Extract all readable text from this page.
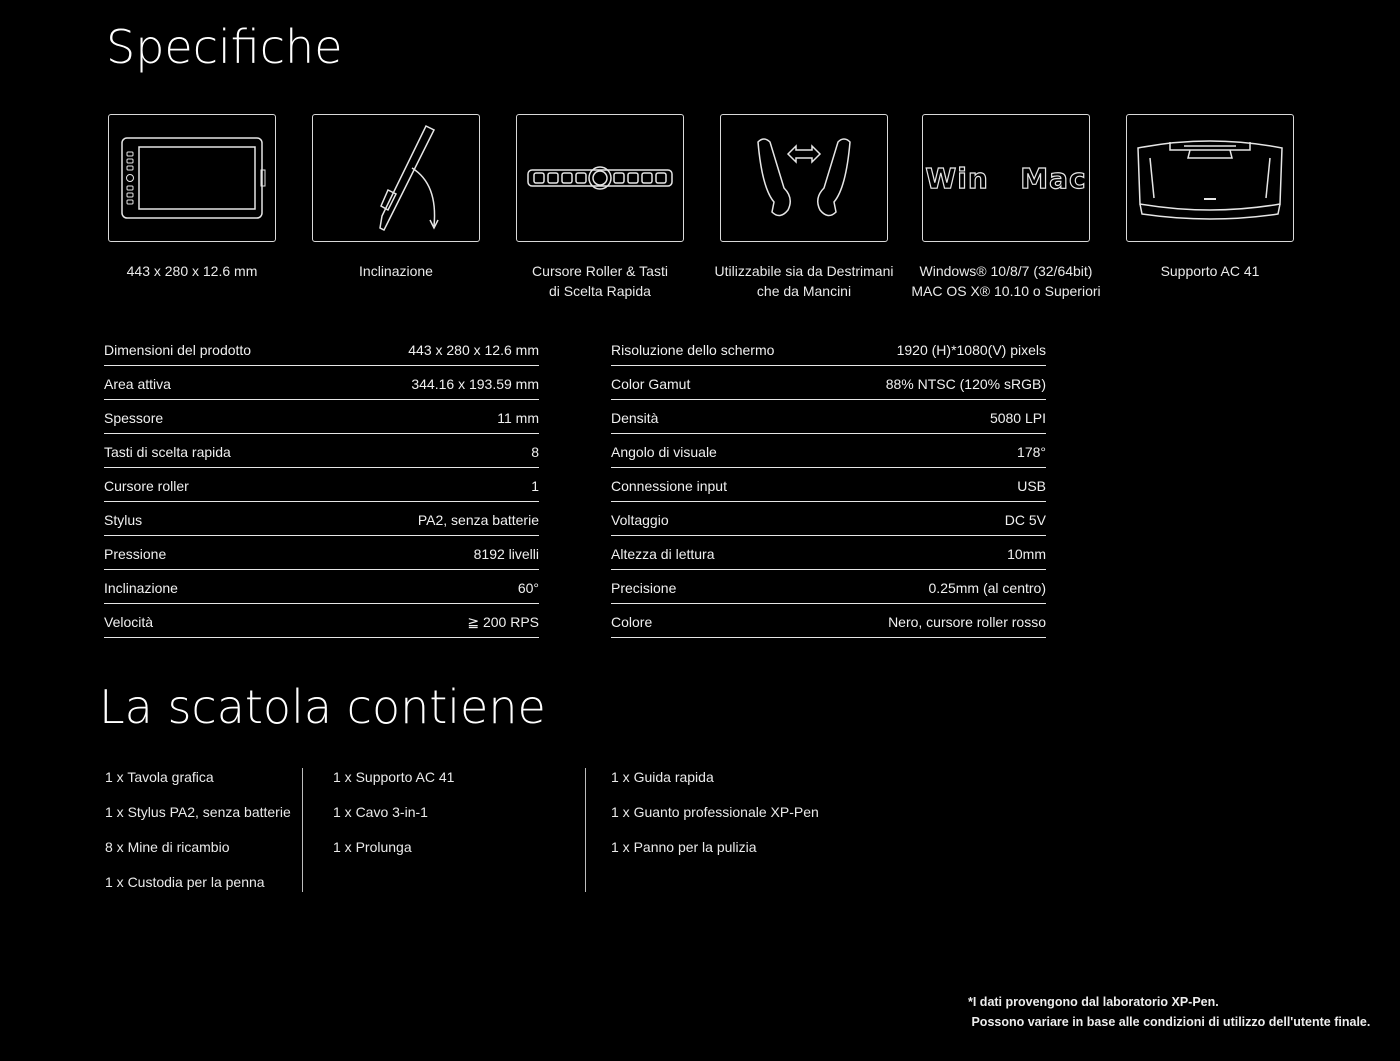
Specifiche
443 x 280 x 12.6 mm	Inclinazione	Cursore Roller & Tasti
di Scelta Rapida
Utilizzabile sia da Destrimani
che da Mancini
Win Mac
Windows® 10/8/7 (32/64bit)
MAC OS X® 10.10 o Superiori
Supporto AC 41
Dimensioni del prodotto	443 x 280 x 12.6 mm
Area attiva	344.16 x 193.59 mm
Spessore	11 mm
Tasti di scelta rapida	8
Cursore roller	1
Stylus	PA2, senza batterie
Pressione	8192 livelli
Inclinazione	60°
Velocità	≧ 200 RPS
Risoluzione dello schermo	1920 (H)*1080(V) pixels
Color Gamut	88% NTSC (120% sRGB)
Densità	5080 LPI
Angolo di visuale	178°
Connessione input	USB
Voltaggio	DC 5V
Altezza di lettura	10mm
Precisione	0.25mm (al centro)
Colore	Nero, cursore roller rosso
La scatola contiene
1 x Tavola grafica
1 x Stylus PA2, senza batterie
8 x Mine di ricambio
1 x Custodia per la penna
1 x Supporto AC 41
1 x Cavo 3-in-1
1 x Prolunga
1 x Guida rapida
1 x Guanto professionale XP-Pen
1 x Panno per la pulizia
*I dati provengono dal laboratorio XP-Pen.
Possono variare in base alle condizioni di utilizzo dell'utente finale.
